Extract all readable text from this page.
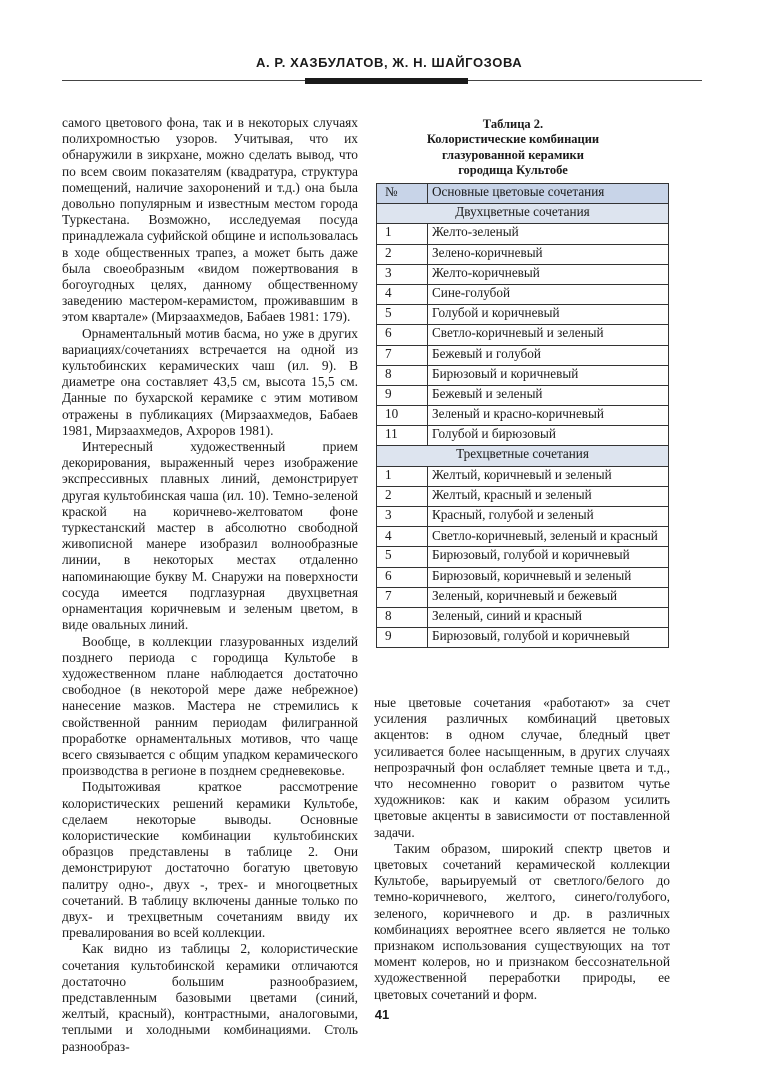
А. Р. ХАЗБУЛАТОВ, Ж. Н. ШАЙГОЗОВА

самого цветового фона, так и в некоторых случаях полихромностью узоров. Учитывая, что их обнаружили в зикрхане, можно сделать вывод, что по всем своим показателям (квадратура, структура помещений, наличие захоронений и т.д.) она была довольно популярным и известным местом города Туркестана. Возможно, исследуемая посуда принадлежала суфийской общине и использовалась в ходе общественных трапез, а может быть даже была своеобразным «видом пожертвования в богоугодных целях, данному общественному заведению мастером-керамистом, проживавшим в этом квартале» (Мирзаахмедов, Бабаев 1981: 179).

Орнаментальный мотив басма, но уже в других вариациях/сочетаниях встречается на одной из культобинских керамических чаш (ил. 9). В диаметре она составляет 43,5 см, высота 15,5 см. Данные по бухарской керамике с этим мотивом отражены в публикациях (Мирзаахмедов, Бабаев 1981, Мирзаахмедов, Ахроров 1981).

Интересный художественный прием декорирования, выраженный через изображение экспрессивных плавных линий, демонстрирует другая культобинская чаша (ил. 10). Темно-зеленой краской на коричнево-желтоватом фоне туркестанский мастер в абсолютно свободной живописной манере изобразил волнообразные линии, в некоторых местах отдаленно напоминающие букву М. Снаружи на поверхности сосуда имеется подглазурная двухцветная орнаментация коричневым и зеленым цветом, в виде овальных линий.

Вообще, в коллекции глазурованных изделий позднего периода с городища Культобе в художественном плане наблюдается достаточно свободное (в некоторой мере даже небрежное) нанесение мазков. Мастера не стремились к свойственной ранним периодам филигранной проработке орнаментальных мотивов, что чаще всего связывается с общим упадком керамического производства в регионе в позднем средневековье.

Подытоживая краткое рассмотрение колористических решений керамики Культобе, сделаем некоторые выводы. Основные колористические комбинации культобинских образцов представлены в таблице 2. Они демонстрируют достаточно богатую цветовую палитру одно-, двух -, трех- и многоцветных сочетаний. В таблицу включены данные только по двух- и трехцветным сочетаниям ввиду их превалирования во всей коллекции.

Как видно из таблицы 2, колористические сочетания культобинской керамики отличаются достаточно большим разнообразием, представленным базовыми цветами (синий, желтый, красный), контрастными, аналоговыми, теплыми и холодными комбинациями. Столь разнообраз-

Таблица 2.
Колористические комбинации
глазурованной керамики
городища Культобе
№	Основные цветовые сочетания
Двухцветные сочетания	
1	Желто-зеленый
2	Зелено-коричневый
3	Желто-коричневый
4	Сине-голубой
5	Голубой и коричневый
6	Светло-коричневый и зеленый
7	Бежевый и голубой
8	Бирюзовый и коричневый
9	Бежевый и зеленый
10	Зеленый и красно-коричневый
11	Голубой и бирюзовый
Трехцветные сочетания	
1	Желтый, коричневый и зеленый
2	Желтый, красный и зеленый
3	Красный, голубой и зеленый
4	Светло-коричневый, зеленый и красный
5	Бирюзовый, голубой и коричневый
6	Бирюзовый, коричневый и зеленый
7	Зеленый, коричневый и бежевый
8	Зеленый, синий и красный
9	Бирюзовый, голубой и коричневый

ные цветовые сочетания «работают» за счет усиления различных комбинаций цветовых акцентов: в одном случае, бледный цвет усиливается более насыщенным, в других случаях непрозрачный фон ослабляет темные цвета и т.д., что несомненно говорит о развитом чутье художников: как и каким образом усилить цветовые акценты в зависимости от поставленной задачи.

Таким образом, широкий спектр цветов и цветовых сочетаний керамической коллекции Культобе, варьируемый от светлого/белого до темно-коричневого, желтого, синего/голубого, зеленого, коричневого и др. в различных комбинациях вероятнее всего является не только признаком использования существующих на тот момент колеров, но и признаком бессознательной художественной переработки природы, ее цветовых сочетаний и форм.

41
